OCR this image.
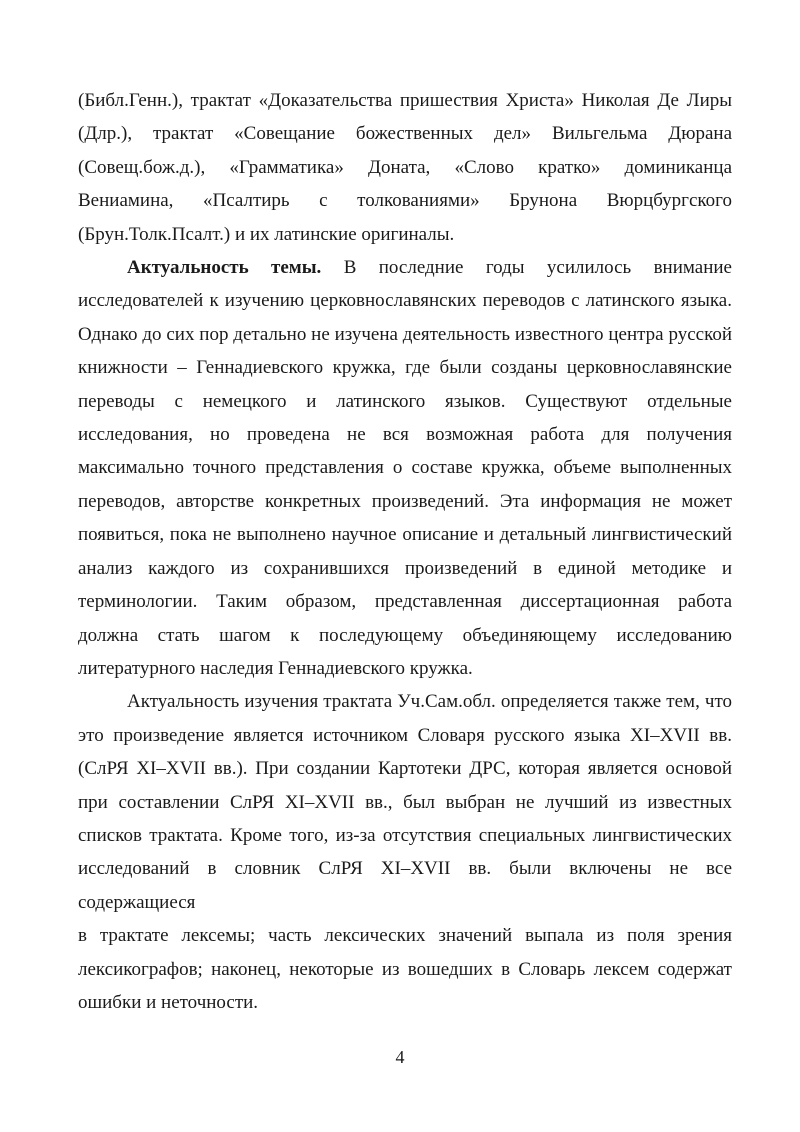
(Библ.Генн.), трактат «Доказательства пришествия Христа» Николая Де Лиры
(Длр.), трактат «Совещание божественных дел» Вильгельма Дюрана
(Совещ.бож.д.), «Грамматика» Доната, «Слово кратко» доминиканца
Вениамина, «Псалтирь с толкованиями» Брунона Вюрцбургского
(Брун.Толк.Псалт.) и их латинские оригиналы.

Актуальность темы. В последние годы усилилось внимание
исследователей к изучению церковнославянских переводов с латинского языка.
Однако до сих пор детально не изучена деятельность известного центра русской
книжности – Геннадиевского кружка, где были созданы церковнославянские
переводы с немецкого и латинского языков. Существуют отдельные
исследования, но проведена не вся возможная работа для получения
максимально точного представления о составе кружка, объеме выполненных
переводов, авторстве конкретных произведений. Эта информация не может
появиться, пока не выполнено научное описание и детальный лингвистический
анализ каждого из сохранившихся произведений в единой методике и
терминологии. Таким образом, представленная диссертационная работа
должна стать шагом к последующему объединяющему исследованию
литературного наследия Геннадиевского кружка.

Актуальность изучения трактата Уч.Сам.обл. определяется также тем, что
это произведение является источником Словаря русского языка XI–XVII вв.
(СлРЯ XI–XVII вв.). При создании Картотеки ДРС, которая является основой
при составлении СлРЯ XI–XVII вв., был выбран не лучший из известных
списков трактата. Кроме того, из-за отсутствия специальных лингвистических
исследований в словник СлРЯ XI–XVII вв. были включены не все содержащиеся
в трактате лексемы; часть лексических значений выпала из поля зрения
лексикографов; наконец, некоторые из вошедших в Словарь лексем содержат
ошибки и неточности.

4
